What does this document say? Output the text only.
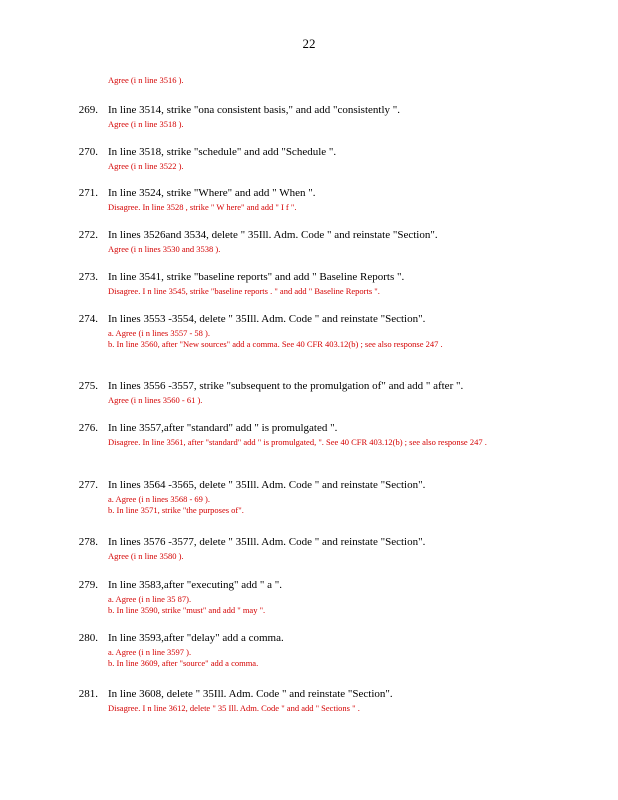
22
Agree (i n line 3516 ).
269. In line 3514, strike "ona consistent basis," and add "consistently ".
Agree (i n line 3518 ).
270. In line 3518, strike "schedule" and add "Schedule ".
Agree (i n line 3522 ).
271. In line 3524, strike "Where" and add " When ".
Disagree. In line 3528 , strike " W here" and add " I f ".
272. In lines 3526and 3534, delete " 35Ill. Adm. Code " and reinstate "Section".
Agree (i n lines 3530 and 3538 ).
273. In line 3541, strike "baseline reports" and add " Baseline Reports ".
Disagree. I n line 3545, strike "baseline reports . " and add " Baseline Reports ".
274. In lines 3553 -3554, delete " 35Ill. Adm. Code " and reinstate "Section".
a. Agree (i n lines 3557 - 58 ).
b. In line 3560, after "New sources" add a comma. See 40 CFR 403.12(b) ; see also response 247 .
275. In lines 3556 -3557, strike "subsequent to the promulgation of" and add " after ".
Agree (i n lines 3560 - 61 ).
276. In line 3557,after "standard" add " is promulgated ".
Disagree. In line 3561, after "standard" add " is promulgated, ". See 40 CFR 403.12(b) ; see also response 247 .
277. In lines 3564 -3565, delete " 35Ill. Adm. Code " and reinstate "Section".
a. Agree (i n lines 3568 - 69 ).
b. In line 3571, strike "the purposes of".
278. In lines 3576 -3577, delete " 35Ill. Adm. Code " and reinstate "Section".
Agree (i n line 3580 ).
279. In line 3583,after "executing" add " a ".
a. Agree (i n line 35 87).
b. In line 3590, strike "must" and add " may ".
280. In line 3593,after "delay" add a comma.
a. Agree (i n line 3597 ).
b. In line 3609, after "source" add a comma.
281. In line 3608, delete " 35Ill. Adm. Code " and reinstate "Section".
Disagree. I n line 3612, delete " 35 Ill. Adm. Code " and add " Sections " .
